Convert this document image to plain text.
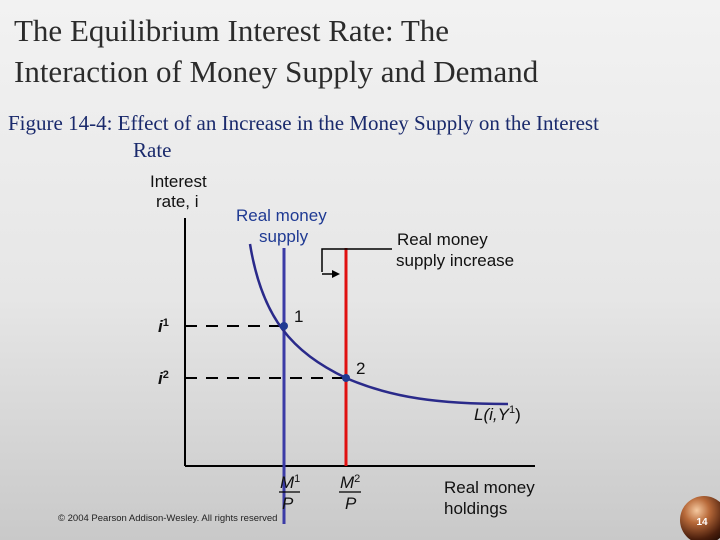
The Equilibrium Interest Rate: The
Interaction of Money Supply and Demand
Figure 14-4: Effect of an Increase in the Money Supply on the Interest
Rate
Interest
rate, i
Real money
holdings
Real money
supply	Real money
supply increase
$L(i,Y^1)$
$i^1$
$i^2$
1
2
$M^1$
P
$M^2$
P
© 2004 Pearson Addison-Wesley. All rights reserved	14
